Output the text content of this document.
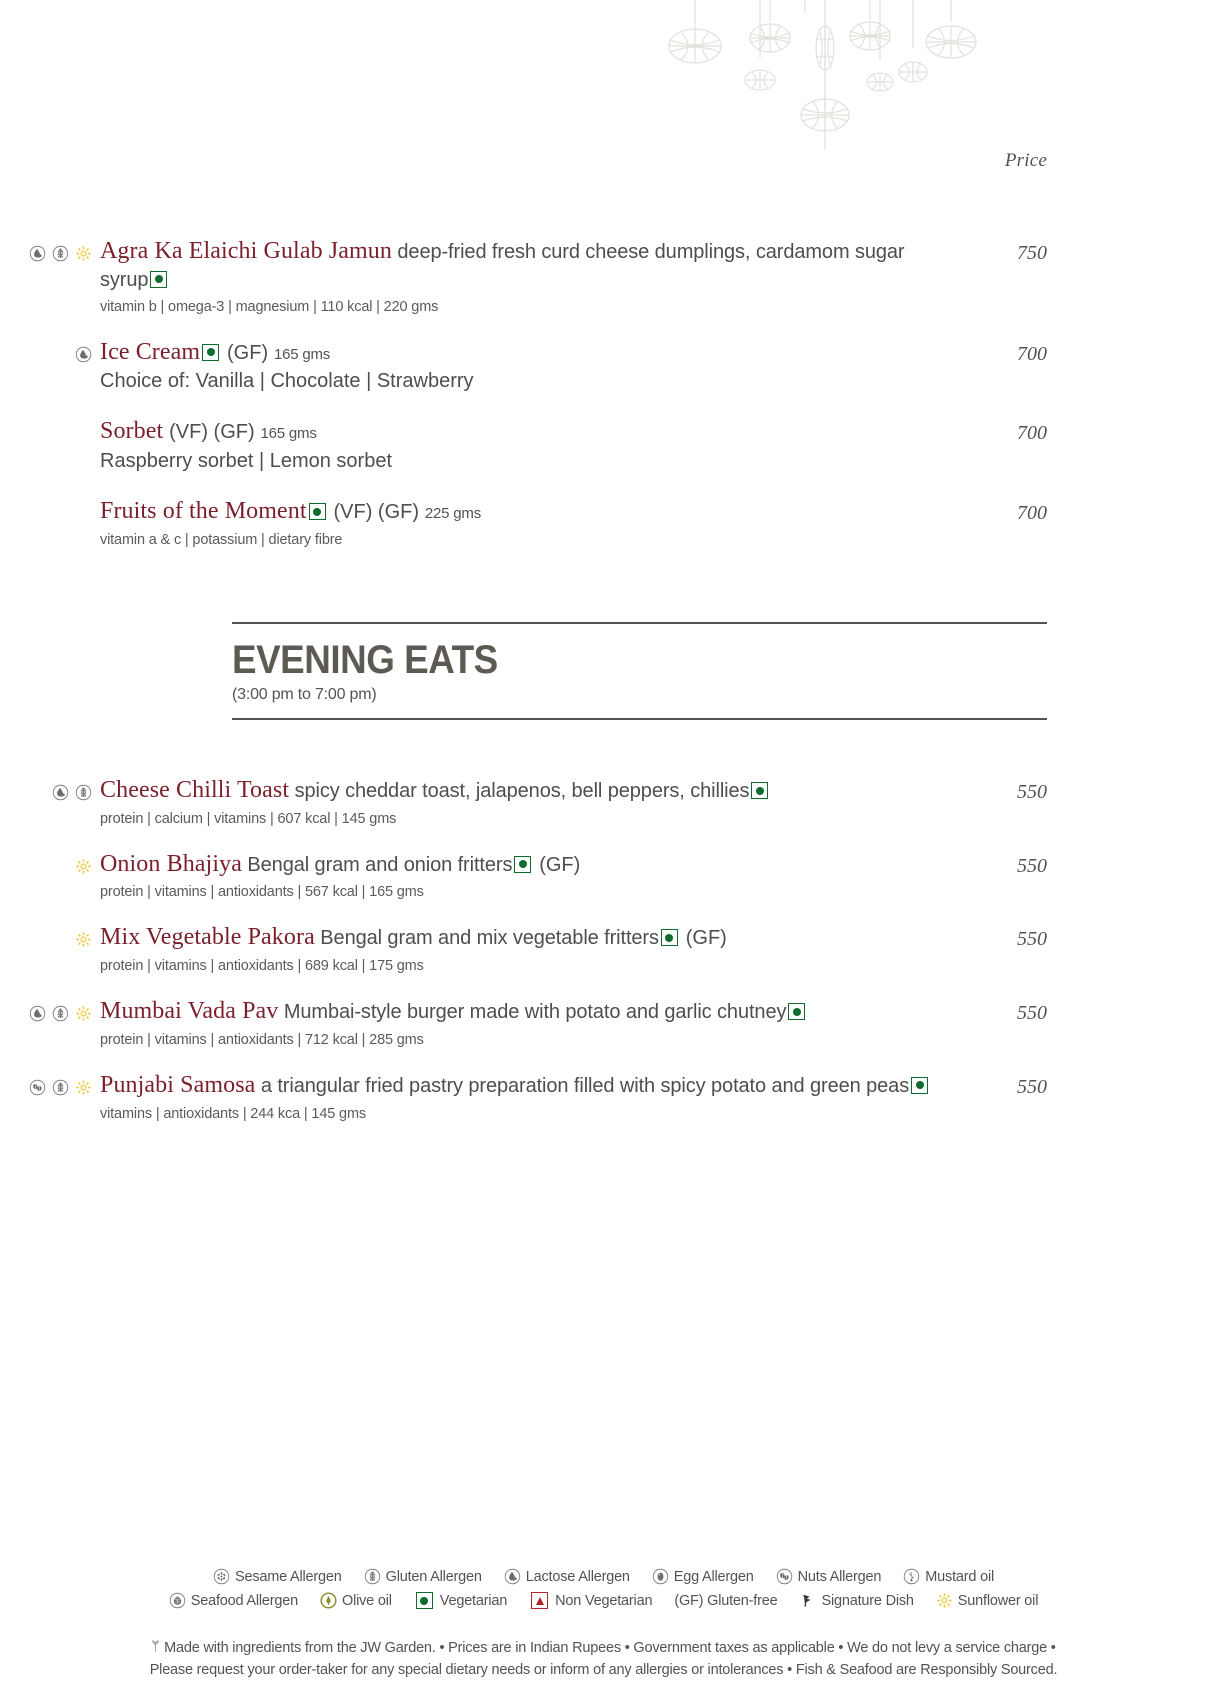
Price
Agra Ka Elaichi Gulab Jamun deep-fried fresh curd cheese dumplings, cardamom sugar syrup
vitamin b | omega-3 | magnesium | 110 kcal | 220 gms
750
Ice Cream (GF) 165 gms
Choice of: Vanilla | Chocolate | Strawberry
700
Sorbet (VF) (GF) 165 gms
Raspberry sorbet | Lemon sorbet
700
Fruits of the Moment (VF) (GF) 225 gms
vitamin a & c | potassium | dietary fibre
700
EVENING EATS
(3:00 pm to 7:00 pm)
Cheese Chilli Toast spicy cheddar toast, jalapenos, bell peppers, chillies
protein | calcium | vitamins | 607 kcal | 145 gms
550
Onion Bhajiya Bengal gram and onion fritters (GF)
protein | vitamins | antioxidants | 567 kcal | 165 gms
550
Mix Vegetable Pakora Bengal gram and mix vegetable fritters (GF)
protein | vitamins | antioxidants | 689 kcal | 175 gms
550
Mumbai Vada Pav Mumbai-style burger made with potato and garlic chutney
protein | vitamins | antioxidants | 712 kcal | 285 gms
550
Punjabi Samosa a triangular fried pastry preparation filled with spicy potato and green peas
vitamins | antioxidants | 244 kca | 145 gms
550
Sesame Allergen	Gluten Allergen	Lactose Allergen	Egg Allergen	Nuts Allergen	Mustard oil
Seafood Allergen	Olive oil	Vegetarian	Non Vegetarian (GF) Gluten-free	Signature Dish	Sunflower oil
Made with ingredients from the JW Garden. • Prices are in Indian Rupees • Government taxes as applicable • We do not levy a service charge •
Please request your order-taker for any special dietary needs or inform of any allergies or intolerances • Fish & Seafood are Responsibly Sourced.
